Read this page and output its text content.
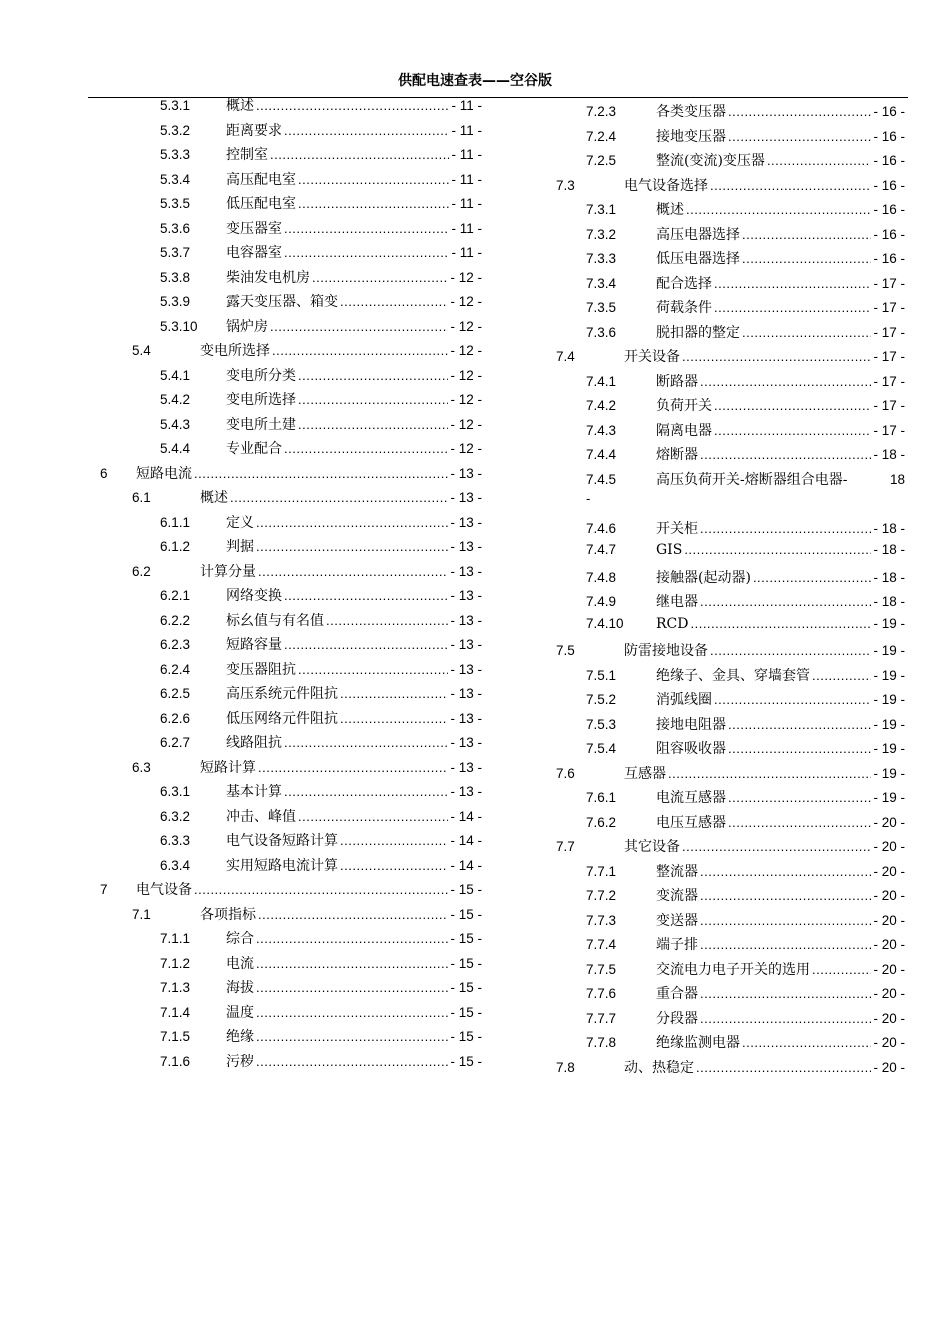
供配电速查表——空谷版
5.3.1	概述 .....	- 11 -
5.3.2	距离要求 .....	- 11 -
5.3.3	控制室 .....	- 11 -
5.3.4	高压配电室 .....	- 11 -
5.3.5	低压配电室 .....	- 11 -
5.3.6	变压器室 .....	- 11 -
5.3.7	电容器室 .....	- 11 -
5.3.8	柴油发电机房 .....	- 12 -
5.3.9	露天变压器、箱变 .....	- 12 -
5.3.10	锅炉房 .....	- 12 -
5.4	变电所选择 .....	- 12 -
5.4.1	变电所分类 .....	- 12 -
5.4.2	变电所选择 .....	- 12 -
5.4.3	变电所土建 .....	- 12 -
5.4.4	专业配合 .....	- 12 -
6	短路电流 .....	- 13 -
6.1	概述 .....	- 13 -
6.1.1	定义 .....	- 13 -
6.1.2	判据 .....	- 13 -
6.2	计算分量 .....	- 13 -
6.2.1	网络变换 .....	- 13 -
6.2.2	标幺值与有名值 .....	- 13 -
6.2.3	短路容量 .....	- 13 -
6.2.4	变压器阻抗 .....	- 13 -
6.2.5	高压系统元件阻抗 .....	- 13 -
6.2.6	低压网络元件阻抗 .....	- 13 -
6.2.7	线路阻抗 .....	- 13 -
6.3	短路计算 .....	- 13 -
6.3.1	基本计算 .....	- 13 -
6.3.2	冲击、峰值 .....	- 14 -
6.3.3	电气设备短路计算 .....	- 14 -
6.3.4	实用短路电流计算 .....	- 14 -
7	电气设备 .....	- 15 -
7.1	各项指标 .....	- 15 -
7.1.1	综合 .....	- 15 -
7.1.2	电流 .....	- 15 -
7.1.3	海拔 .....	- 15 -
7.1.4	温度 .....	- 15 -
7.1.5	绝缘 .....	- 15 -
7.1.6	污秽 .....	- 15 -
7.2.3	各类变压器 .....	- 16 -
7.2.4	接地变压器 .....	- 16 -
7.2.5	整流(变流)变压器 .....	- 16 -
7.3	电气设备选择 .....	- 16 -
7.3.1	概述 .....	- 16 -
7.3.2	高压电器选择 .....	- 16 -
7.3.3	低压电器选择 .....	- 16 -
7.3.4	配合选择 .....	- 17 -
7.3.5	荷载条件 .....	- 17 -
7.3.6	脱扣器的整定 .....	- 17 -
7.4	开关设备 .....	- 17 -
7.4.1	断路器 .....	- 17 -
7.4.2	负荷开关 .....	- 17 -
7.4.3	隔离电器 .....	- 17 -
7.4.4	熔断器 .....	- 18 -
7.4.5	高压负荷开关-熔断器组合电器-	18
-
7.4.6	开关柜 .....	- 18 -
7.4.7	GIS .....	- 18 -
7.4.8	接触器(起动器) .....	- 18 -
7.4.9	继电器 .....	- 18 -
7.4.10	RCD .....	- 19 -
7.5	防雷接地设备 .....	- 19 -
7.5.1	绝缘子、金具、穿墙套管 .....	- 19 -
7.5.2	消弧线圈 .....	- 19 -
7.5.3	接地电阻器 .....	- 19 -
7.5.4	阻容吸收器 .....	- 19 -
7.6	互感器 .....	- 19 -
7.6.1	电流互感器 .....	- 19 -
7.6.2	电压互感器 .....	- 20 -
7.7	其它设备 .....	- 20 -
7.7.1	整流器 .....	- 20 -
7.7.2	变流器 .....	- 20 -
7.7.3	变送器 .....	- 20 -
7.7.4	端子排 .....	- 20 -
7.7.5	交流电力电子开关的选用 .....	- 20 -
7.7.6	重合器 .....	- 20 -
7.7.7	分段器 .....	- 20 -
7.7.8	绝缘监测电器 .....	- 20 -
7.8	动、热稳定 .....	- 20 -
